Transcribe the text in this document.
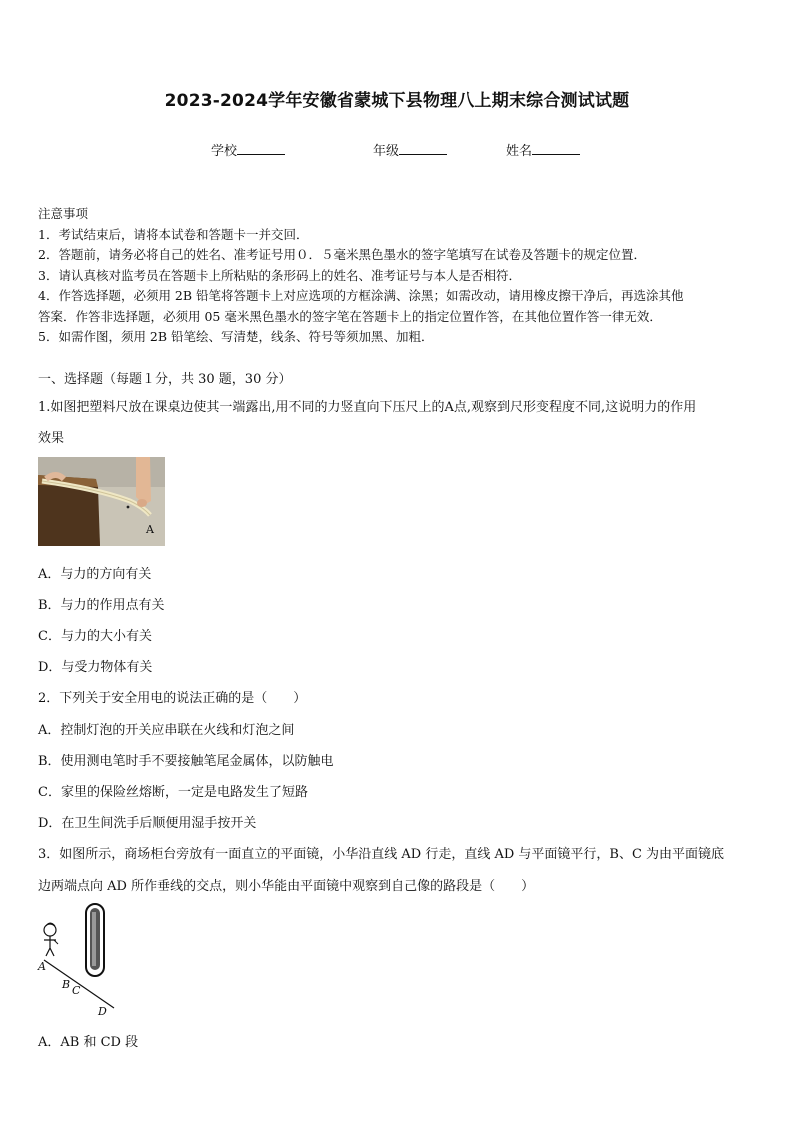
2023-2024学年安徽省蒙城下县物理八上期末综合测试试题
学校	年级	姓名
注意事项
1．考试结束后，请将本试卷和答题卡一并交回．
2．答题前，请务必将自己的姓名、准考证号用０．５毫米黑色墨水的签字笔填写在试卷及答题卡的规定位置．
3．请认真核对监考员在答题卡上所粘贴的条形码上的姓名、准考证号与本人是否相符．
4．作答选择题，必须用 2B 铅笔将答题卡上对应选项的方框涂满、涂黑；如需改动，请用橡皮擦干净后，再选涂其他
答案．作答非选择题，必须用 05 毫米黑色墨水的签字笔在答题卡上的指定位置作答，在其他位置作答一律无效．
5．如需作图，须用 2B 铅笔绘、写清楚，线条、符号等须加黑、加粗．
一、选择题（每题１分，共 30 题，30 分）
1.如图把塑料尺放在课桌边使其一端露出,用不同的力竖直向下压尺上的A点,观察到尺形变程度不同,这说明力的作用
效果
A
A．与力的方向有关
B．与力的作用点有关
C．与力的大小有关
D．与受力物体有关
2．下列关于安全用电的说法正确的是（　　）
A．控制灯泡的开关应串联在火线和灯泡之间
B．使用测电笔时手不要接触笔尾金属体，以防触电
C．家里的保险丝熔断，一定是电路发生了短路
D．在卫生间洗手后顺便用湿手按开关
3．如图所示，商场柜台旁放有一面直立的平面镜，小华沿直线 AD 行走，直线 AD 与平面镜平行，B、C 为由平面镜底
边两端点向 AD 所作垂线的交点，则小华能由平面镜中观察到自己像的路段是（　　）
A
B C
D
A．AB 和 CD 段
